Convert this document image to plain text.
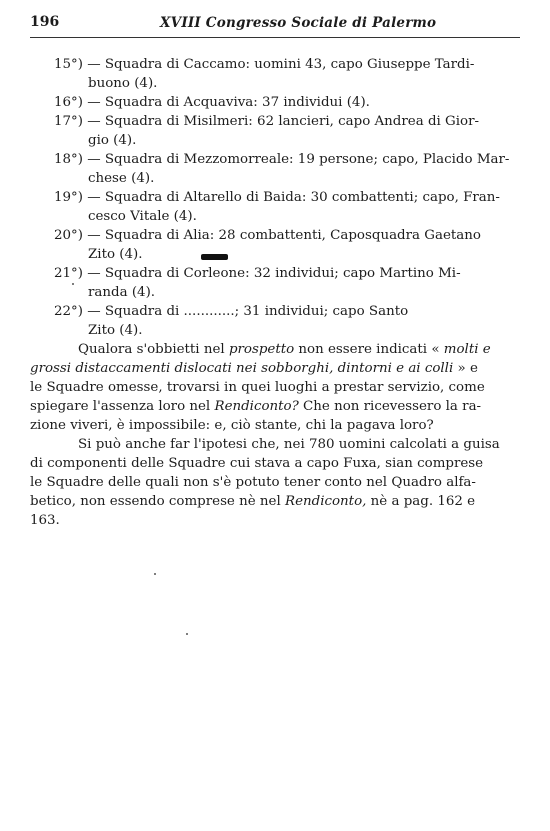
196	XVIII Congresso Sociale di Palermo
15°) — Squadra di Caccamo: uomini 43, capo Giuseppe Tardi-
buono (4).
16°) — Squadra di Acquaviva: 37 individui (4).
17°) — Squadra di Misilmeri: 62 lancieri, capo Andrea di Gior-
gio (4).
18°) — Squadra di Mezzomorreale: 19 persone; capo, Placido Mar-
chese (4).
19°) — Squadra di Altarello di Baida: 30 combattenti; capo, Fran-
cesco Vitale (4).
20°) — Squadra di Alia: 28 combattenti, Caposquadra Gaetano
Zito (4).
21°) — Squadra di Corleone: 32 individui; capo Martino Mi-
randa (4).
22°) — Squadra di ............; 31 individui; capo Santo
Zito (4).
Qualora s'obbietti nel prospetto non essere indicati « molti e
grossi distaccamenti dislocati nei sobborghi, dintorni e ai colli » e
le Squadre omesse, trovarsi in quei luoghi a prestar servizio, come
spiegare l'assenza loro nel Rendiconto? Che non ricevessero la ra-
zione viveri, è impossibile: e, ciò stante, chi la pagava loro?
Si può anche far l'ipotesi che, nei 780 uomini calcolati a guisa
di componenti delle Squadre cui stava a capo Fuxa, sian comprese
le Squadre delle quali non s'è potuto tener conto nel Quadro alfa-
betico, non essendo comprese nè nel Rendiconto, nè a pag. 162 e
163.
